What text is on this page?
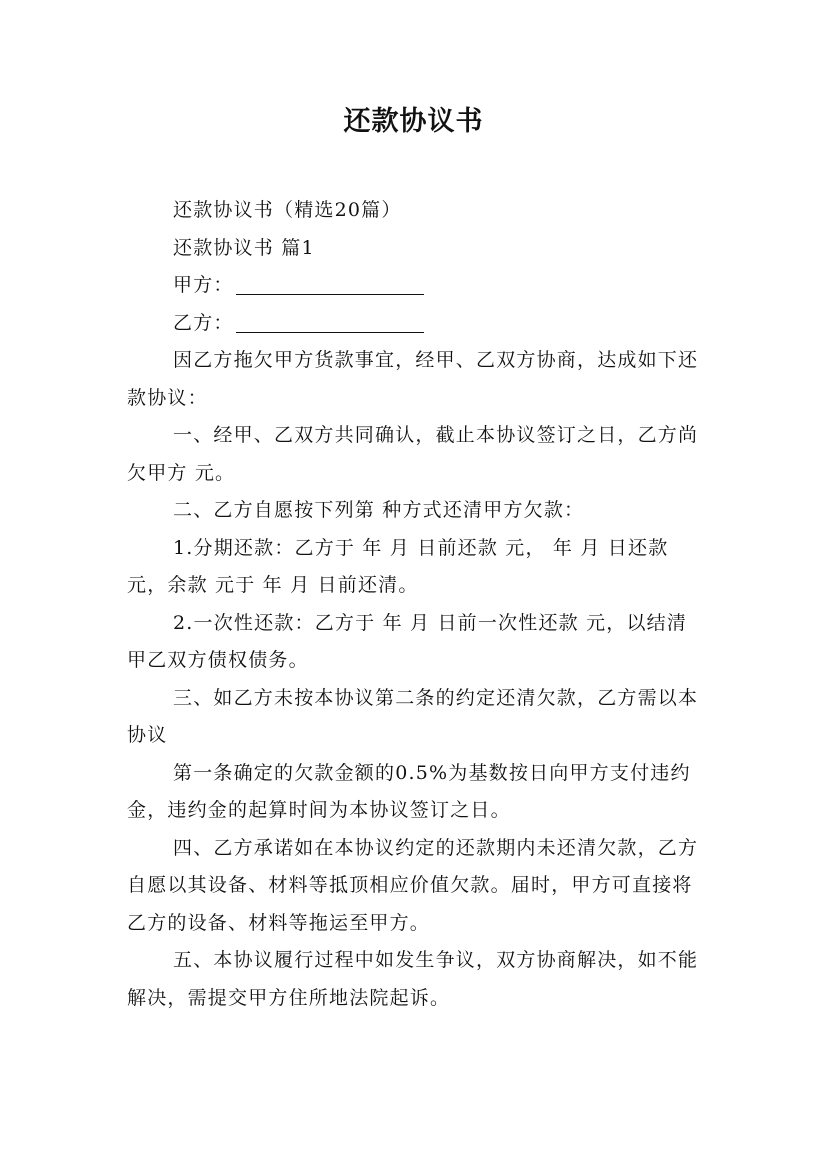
还款协议书

还款协议书（精选20篇）

还款协议书 篇1

甲方：

乙方：

因乙方拖欠甲方货款事宜，经甲、乙双方协商，达成如下还款协议：

一、经甲、乙双方共同确认，截止本协议签订之日，乙方尚欠甲方 元。

二、乙方自愿按下列第 种方式还清甲方欠款：

1.分期还款：乙方于 年 月 日前还款 元， 年 月 日还款 元，余款 元于 年 月 日前还清。

2.一次性还款：乙方于 年 月 日前一次性还款 元，以结清甲乙双方债权债务。

三、如乙方未按本协议第二条的约定还清欠款，乙方需以本协议

第一条确定的欠款金额的0.5%为基数按日向甲方支付违约金，违约金的起算时间为本协议签订之日。

四、乙方承诺如在本协议约定的还款期内未还清欠款，乙方自愿以其设备、材料等抵顶相应价值欠款。届时，甲方可直接将乙方的设备、材料等拖运至甲方。

五、本协议履行过程中如发生争议，双方协商解决，如不能解决，需提交甲方住所地法院起诉。
